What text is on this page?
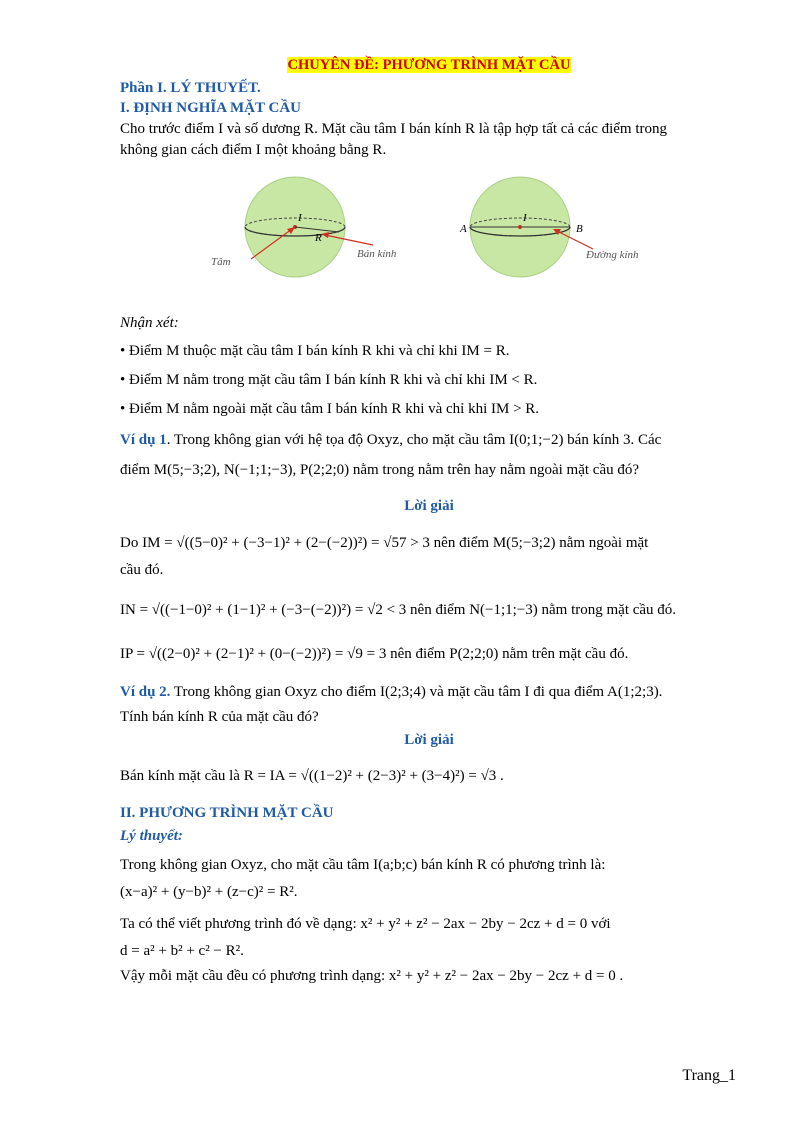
CHUYÊN ĐỀ: PHƯƠNG TRÌNH MẶT CẦU
Phần I. LÝ THUYẾT.
I. ĐỊNH NGHĨA MẶT CẦU
Cho trước điểm I và số dương R. Mặt cầu tâm I bán kính R là tập hợp tất cả các điểm trong
không gian cách điểm I một khoảng bằng R.
I
R
Tâm
Bán kính
I
A	B
Đường kính
Nhận xét:
• Điểm M thuộc mặt cầu tâm I bán kính R khi và chỉ khi IM = R.
• Điểm M nằm trong mặt cầu tâm I bán kính R khi và chỉ khi IM < R.
• Điểm M nằm ngoài mặt cầu tâm I bán kính R khi và chỉ khi IM > R.
Ví dụ 1. Trong không gian với hệ tọa độ Oxyz, cho mặt cầu tâm I(0;1;−2) bán kính 3. Các
điểm M(5;−3;2), N(−1;1;−3), P(2;2;0) nằm trong nằm trên hay nằm ngoài mặt cầu đó?
Lời giải
Do IM = √((5−0)² + (−3−1)² + (2−(−2))²) = √57 > 3 nên điểm M(5;−3;2) nằm ngoài mặt
cầu đó.
IN = √((−1−0)² + (1−1)² + (−3−(−2))²) = √2 < 3 nên điểm N(−1;1;−3) nằm trong mặt cầu đó.
IP = √((2−0)² + (2−1)² + (0−(−2))²) = √9 = 3 nên điểm P(2;2;0) nằm trên mặt cầu đó.
Ví dụ 2. Trong không gian Oxyz cho điểm I(2;3;4) và mặt cầu tâm I đi qua điểm A(1;2;3).
Tính bán kính R của mặt cầu đó?
Lời giải
Bán kính mặt cầu là R = IA = √((1−2)² + (2−3)² + (3−4)²) = √3 .
II. PHƯƠNG TRÌNH MẶT CẦU
Lý thuyết:
Trong không gian Oxyz, cho mặt cầu tâm I(a;b;c) bán kính R có phương trình là:
(x−a)² + (y−b)² + (z−c)² = R².
Ta có thể viết phương trình đó về dạng: x² + y² + z² − 2ax − 2by − 2cz + d = 0 với
d = a² + b² + c² − R².
Vậy mỗi mặt cầu đều có phương trình dạng: x² + y² + z² − 2ax − 2by − 2cz + d = 0 .
Trang_1
